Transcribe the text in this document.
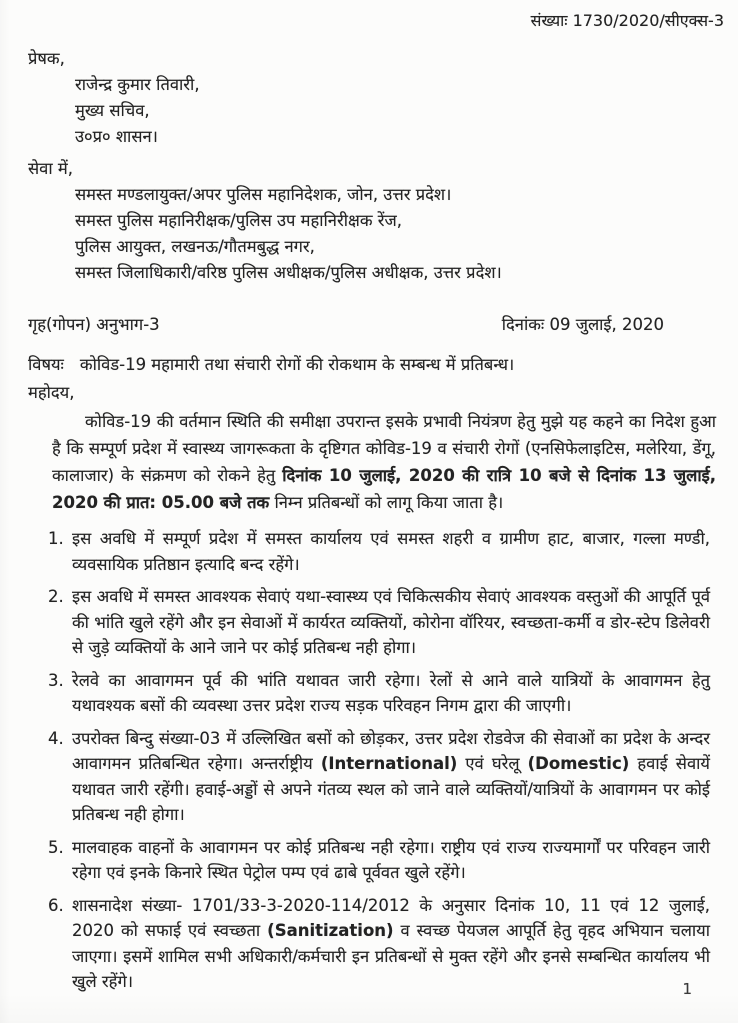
संख्याः 1730/2020/सीएक्स-3
प्रेषक,
राजेन्द्र कुमार तिवारी,
मुख्य सचिव,
उ०प्र० शासन।
सेवा में,
समस्त मण्डलायुक्त/अपर पुलिस महानिदेशक, जोन, उत्तर प्रदेश।
समस्त पुलिस महानिरीक्षक/पुलिस उप महानिरीक्षक रेंज,
पुलिस आयुक्त, लखनऊ/गौतमबुद्ध नगर,
समस्त जिलाधिकारी/वरिष्ठ पुलिस अधीक्षक/पुलिस अधीक्षक, उत्तर प्रदेश।
गृह(गोपन) अनुभाग-3	दिनांकः 09 जुलाई, 2020
विषयः कोविड-19 महामारी तथा संचारी रोगों की रोकथाम के सम्बन्ध में प्रतिबन्ध।
महोदय,

कोविड-19 की वर्तमान स्थिति की समीक्षा उपरान्त इसके प्रभावी नियंत्रण हेतु मुझे यह कहने का निदेश हुआ है कि सम्पूर्ण प्रदेश में स्वास्थ्य जागरूकता के दृष्टिगत कोविड-19 व संचारी रोगों (एनसिफेलाइटिस, मलेरिया, डेंगू, कालाजार) के संक्रमण को रोकने हेतु दिनांक 10 जुलाई, 2020 की रात्रि 10 बजे से दिनांक 13 जुलाई, 2020 की प्रात: 05.00 बजे तक निम्न प्रतिबन्धों को लागू किया जाता है।

1. इस अवधि में सम्पूर्ण प्रदेश में समस्त कार्यालय एवं समस्त शहरी व ग्रामीण हाट, बाजार, गल्ला मण्डी, व्यवसायिक प्रतिष्ठान इत्यादि बन्द रहेंगे।
2. इस अवधि में समस्त आवश्यक सेवाएं यथा-स्वास्थ्य एवं चिकित्सकीय सेवाएं आवश्यक वस्तुओं की आपूर्ति पूर्व की भांति खुले रहेंगे और इन सेवाओं में कार्यरत व्यक्तियों, कोरोना वॉरियर, स्वच्छता-कर्मी व डोर-स्टेप डिलेवरी से जुड़े व्यक्तियों के आने जाने पर कोई प्रतिबन्ध नही होगा।
3. रेलवे का आवागमन पूर्व की भांति यथावत जारी रहेगा। रेलों से आने वाले यात्रियों के आवागमन हेतु यथावश्यक बसों की व्यवस्था उत्तर प्रदेश राज्य सड़क परिवहन निगम द्वारा की जाएगी।
4. उपरोक्त बिन्दु संख्या-03 में उल्लिखित बसों को छोड़कर, उत्तर प्रदेश रोडवेज की सेवाओं का प्रदेश के अन्दर आवागमन प्रतिबन्धित रहेगा। अन्तर्राष्ट्रीय (International) एवं घरेलू (Domestic) हवाई सेवायें यथावत जारी रहेंगी। हवाई-अड्डों से अपने गंतव्य स्थल को जाने वाले व्यक्तियों/यात्रियों के आवागमन पर कोई प्रतिबन्ध नही होगा।
5. मालवाहक वाहनों के आवागमन पर कोई प्रतिबन्ध नही रहेगा। राष्ट्रीय एवं राज्य राज्यमार्गों पर परिवहन जारी रहेगा एवं इनके किनारे स्थित पेट्रोल पम्प एवं ढाबे पूर्ववत खुले रहेंगे।
6. शासनादेश संख्या- 1701/33-3-2020-114/2012 के अनुसार दिनांक 10, 11 एवं 12 जुलाई, 2020 को सफाई एवं स्वच्छता (Sanitization) व स्वच्छ पेयजल आपूर्ति हेतु वृहद अभियान चलाया जाएगा। इसमें शामिल सभी अधिकारी/कर्मचारी इन प्रतिबन्धों से मुक्त रहेंगे और इनसे सम्बन्धित कार्यालय भी खुले रहेंगे।	1
